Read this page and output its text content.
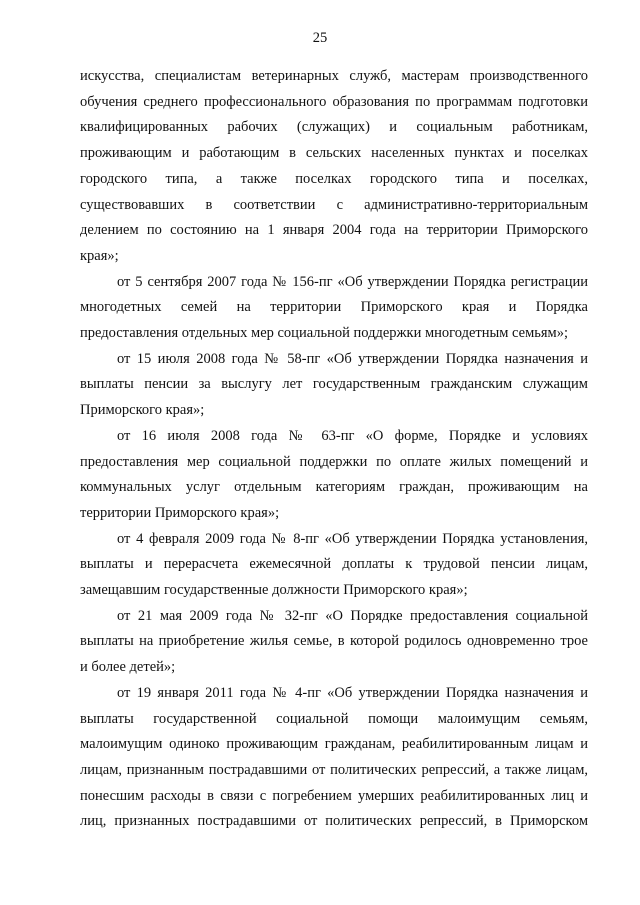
25
искусства, специалистам ветеринарных служб, мастерам производственного
обучения среднего профессионального образования по программам подготовки
квалифицированных рабочих (служащих) и социальным работникам,
проживающим и работающим в сельских населенных пунктах и поселках
городского типа, а также поселках городского типа и поселках,
существовавших в соответствии с административно-территориальным
делением по состоянию на 1 января 2004 года на территории Приморского
края»;
от 5 сентября 2007 года № 156-пг «Об утверждении Порядка регистрации
многодетных семей на территории Приморского края и Порядка
предоставления отдельных мер социальной поддержки многодетным семьям»;
от 15 июля 2008 года № 58-пг «Об утверждении Порядка назначения и
выплаты пенсии за выслугу лет государственным гражданским служащим
Приморского края»;
от 16 июля 2008 года № 63-пг «О форме, Порядке и условиях
предоставления мер социальной поддержки по оплате жилых помещений и
коммунальных услуг отдельным категориям граждан, проживающим на
территории Приморского края»;
от 4 февраля 2009 года № 8-пг «Об утверждении Порядка установления,
выплаты и перерасчета ежемесячной доплаты к трудовой пенсии лицам,
замещавшим государственные должности Приморского края»;
от 21 мая 2009 года № 32-пг «О Порядке предоставления социальной
выплаты на приобретение жилья семье, в которой родилось одновременно трое
и более детей»;
от 19 января 2011 года № 4-пг «Об утверждении Порядка назначения и
выплаты государственной социальной помощи малоимущим семьям,
малоимущим одиноко проживающим гражданам, реабилитированным лицам и
лицам, признанным пострадавшими от политических репрессий, а также лицам,
понесшим расходы в связи с погребением умерших реабилитированных лиц и
лиц, признанных пострадавшими от политических репрессий, в Приморском
